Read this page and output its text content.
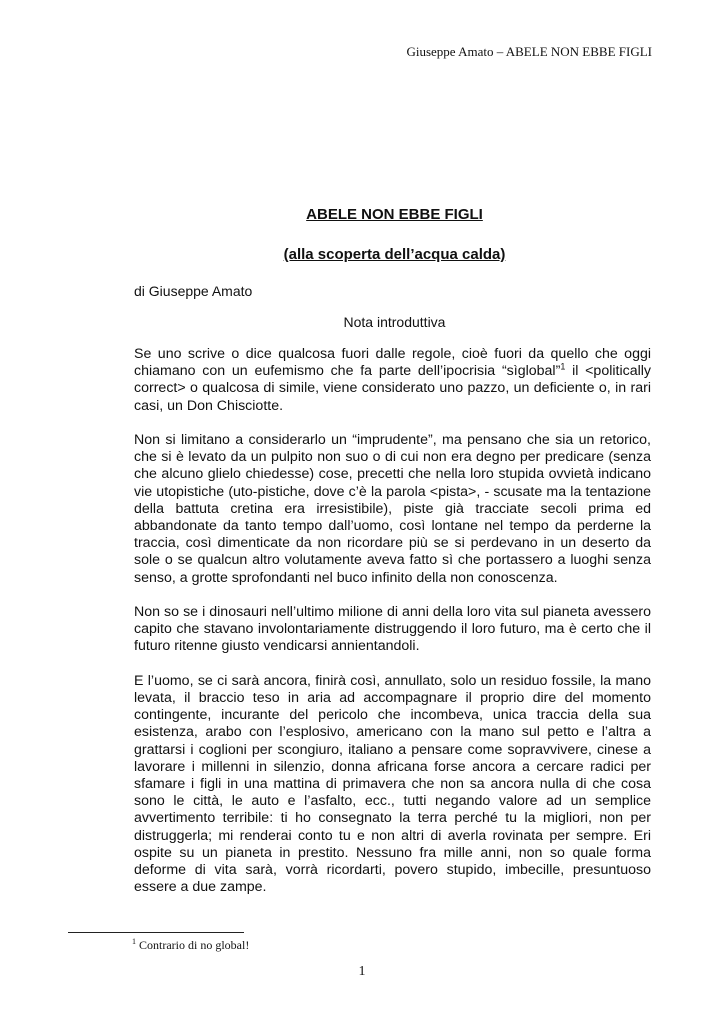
Giuseppe Amato – ABELE NON EBBE FIGLI
ABELE NON EBBE FIGLI
(alla scoperta dell’acqua calda)
di Giuseppe Amato
Nota introduttiva

Se uno scrive o dice qualcosa fuori dalle regole, cioè fuori da quello che oggi chiamano con un eufemismo che fa parte dell’ipocrisia “sìglobal”$^1$ il <politically correct> o qualcosa di simile, viene considerato uno pazzo, un deficiente o, in rari casi, un Don Chisciotte.

Non si limitano a considerarlo un “imprudente”, ma pensano che sia un retorico, che si è levato da un pulpito non suo o di cui non era degno per predicare (senza che alcuno glielo chiedesse) cose, precetti che nella loro stupida ovvietà indicano vie utopistiche (uto-pistiche, dove c’è la parola <pista>, - scusate ma la tentazione della battuta cretina era irresistibile), piste già tracciate secoli prima ed abbandonate da tanto tempo dall’uomo, così lontane nel tempo da perderne la traccia, così dimenticate da non ricordare più se si perdevano in un deserto da sole o se qualcun altro volutamente aveva fatto sì che portassero a luoghi senza senso, a grotte sprofondanti nel buco infinito della non conoscenza.

Non so se i dinosauri nell’ultimo milione di anni della loro vita sul pianeta avessero capito che stavano involontariamente distruggendo il loro futuro, ma è certo che il futuro ritenne giusto vendicarsi annientandoli.

E l’uomo, se ci sarà ancora, finirà così, annullato, solo un residuo fossile, la mano levata, il braccio teso in aria ad accompagnare il proprio dire del momento contingente, incurante del pericolo che incombeva, unica traccia della sua esistenza, arabo con l’esplosivo, americano con la mano sul petto e l’altra a grattarsi i coglioni per scongiuro, italiano a pensare come sopravvivere, cinese a lavorare i millenni in silenzio, donna africana forse ancora a cercare radici per sfamare i figli in una mattina di primavera che non sa ancora nulla di che cosa sono le città, le auto e l’asfalto, ecc., tutti negando valore ad un semplice avvertimento terribile: ti ho consegnato la terra perché tu la migliori, non per distruggerla; mi renderai conto tu e non altri di averla rovinata per sempre. Eri ospite su un pianeta in prestito. Nessuno fra mille anni, non so quale forma deforme di vita sarà, vorrà ricordarti, povero stupido, imbecille, presuntuoso essere a due zampe.

$^1$ Contrario di no global!
1
